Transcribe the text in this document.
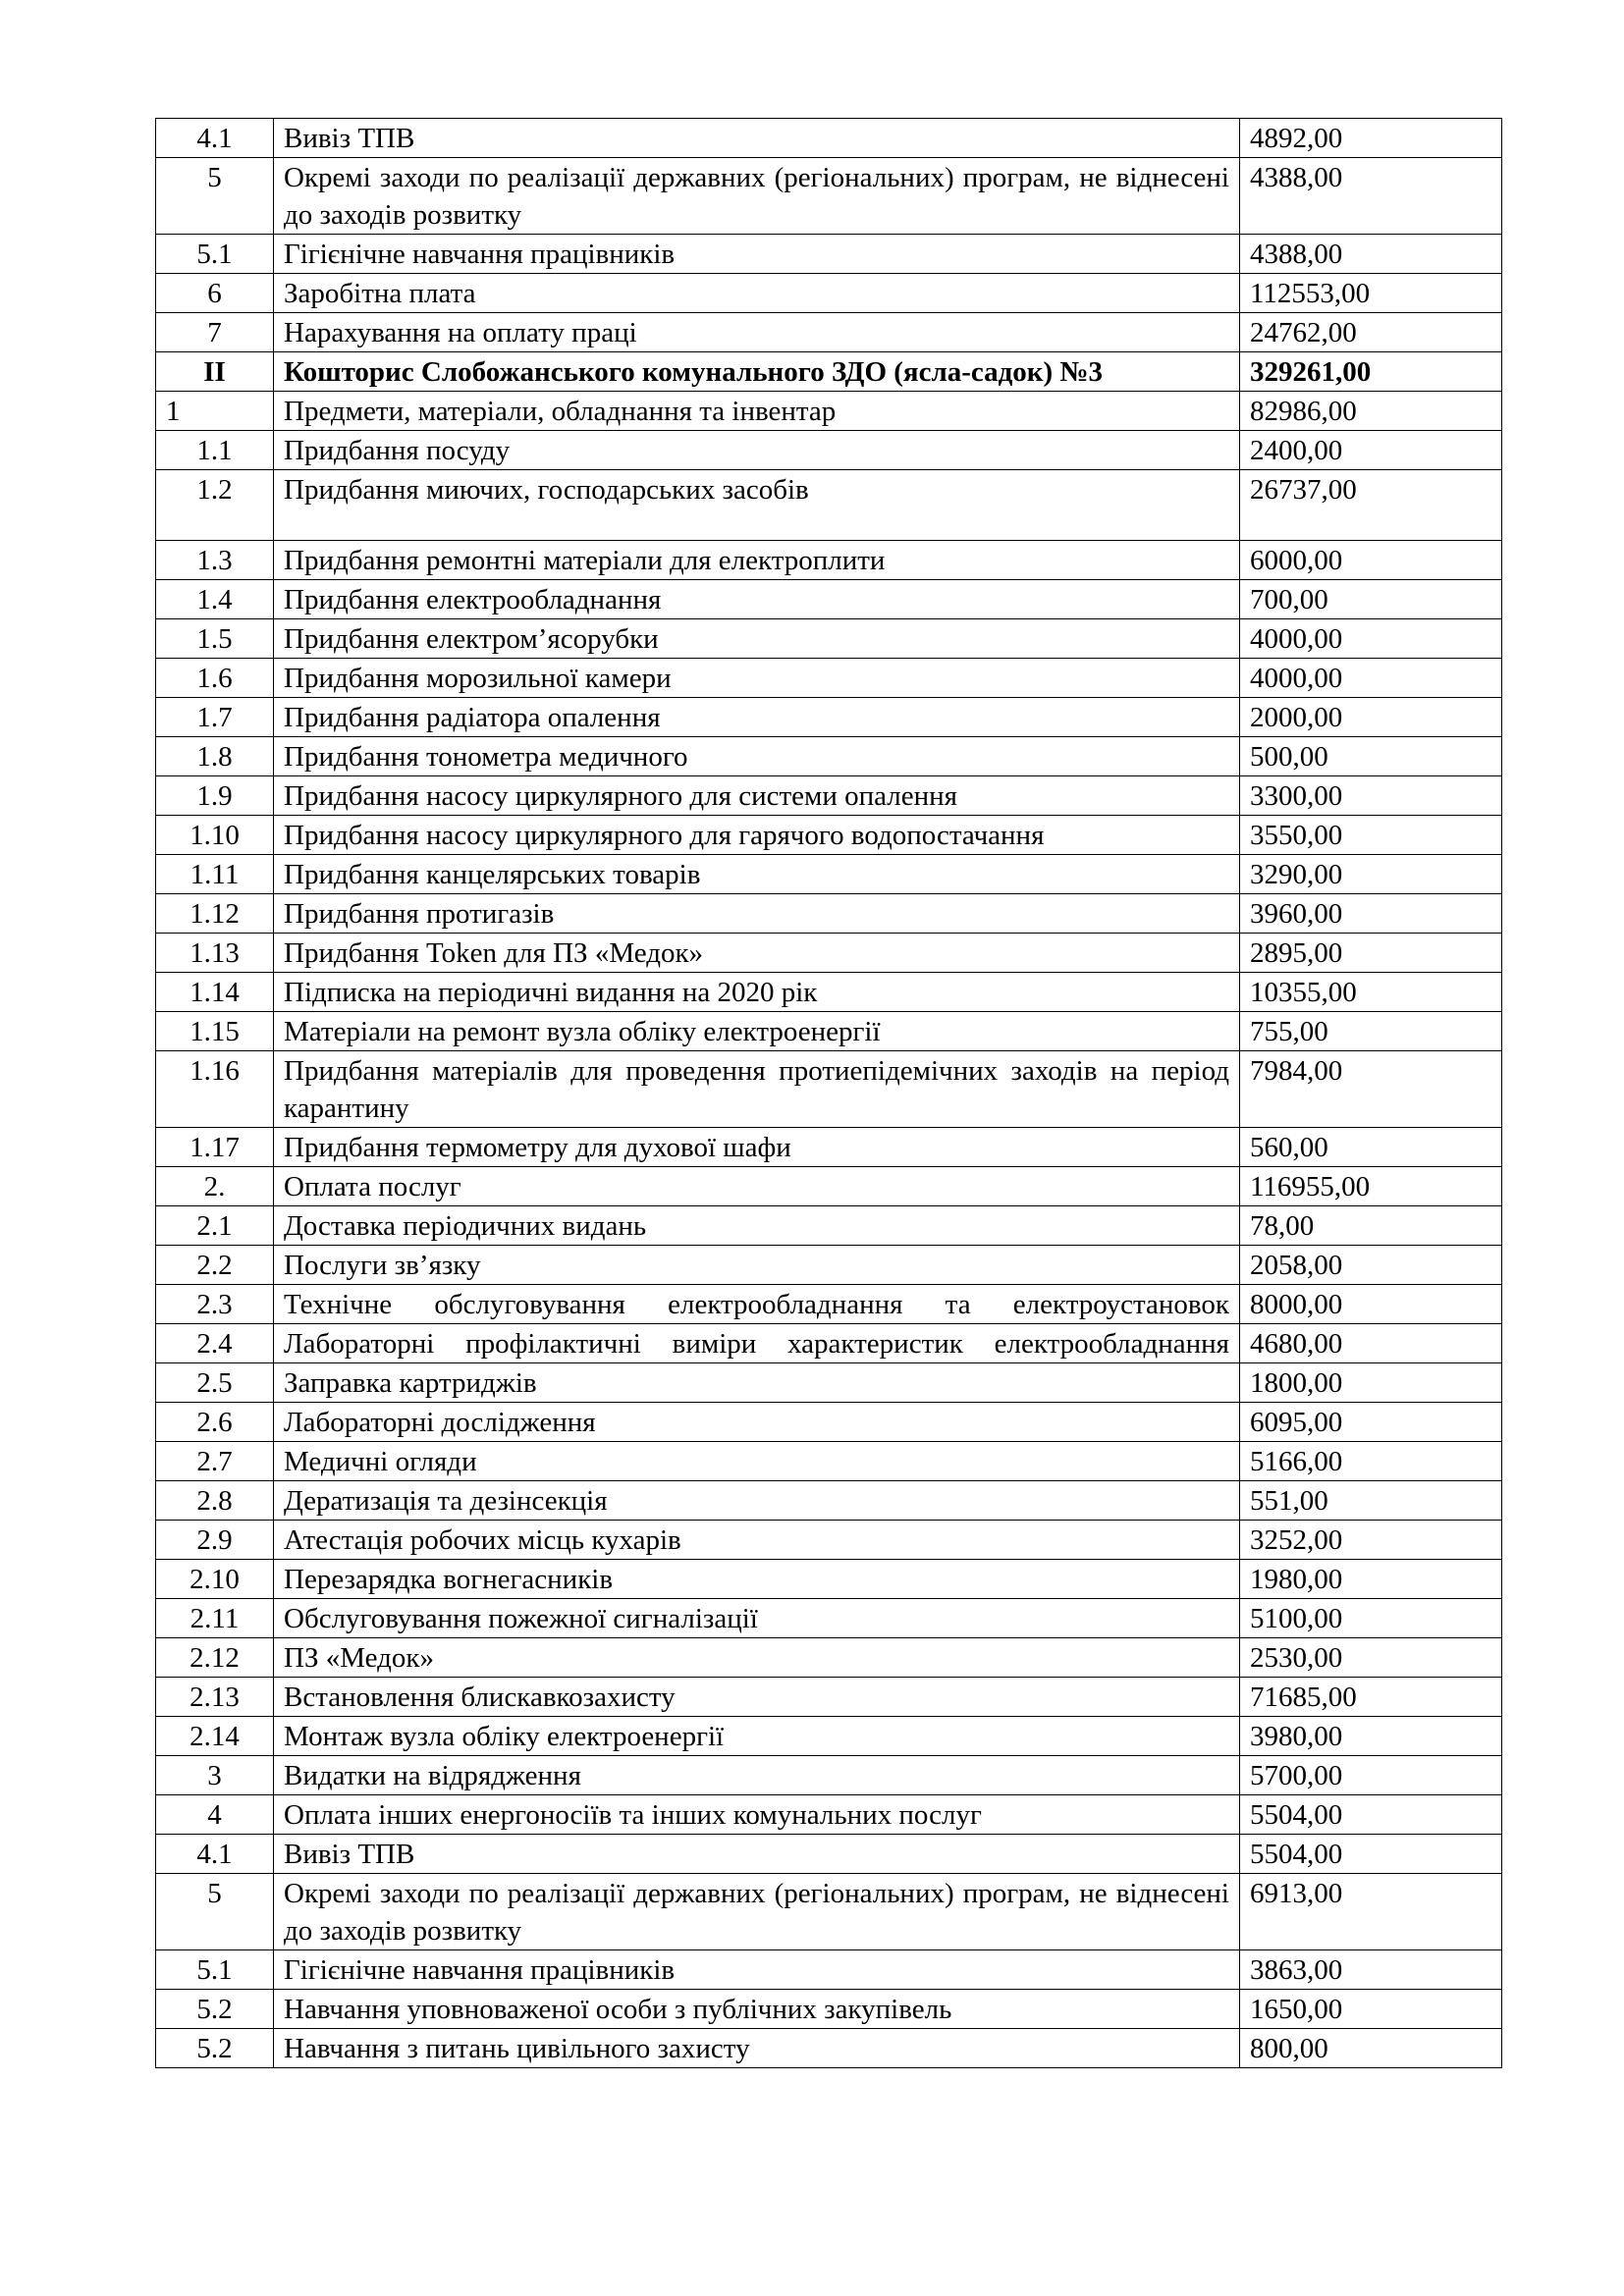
4.1	Вивіз ТПВ	4892,00
5	Окремі заходи по реалізації державних (регіональних) програм, не віднесені до заходів розвитку	4388,00
5.1	Гігієнічне навчання працівників	4388,00
6	Заробітна плата	112553,00
7	Нарахування на оплату праці	24762,00
II	Кошторис Слобожанського комунального ЗДО (ясла-садок) №3	329261,00
1	Предмети, матеріали, обладнання та інвентар	82986,00
1.1	Придбання посуду	2400,00
1.2	Придбання миючих, господарських засобів	26737,00
1.3	Придбання ремонтні матеріали для електроплити	6000,00
1.4	Придбання електрообладнання	700,00
1.5	Придбання електром’ясорубки	4000,00
1.6	Придбання морозильної камери	4000,00
1.7	Придбання радіатора опалення	2000,00
1.8	Придбання тонометра медичного	500,00
1.9	Придбання насосу циркулярного для системи опалення	3300,00
1.10	Придбання насосу циркулярного для гарячого водопостачання	3550,00
1.11	Придбання канцелярських товарів	3290,00
1.12	Придбання протигазів	3960,00
1.13	Придбання Token для ПЗ «Медок»	2895,00
1.14	Підписка на періодичні видання на 2020 рік	10355,00
1.15	Матеріали на ремонт вузла обліку електроенергії	755,00
1.16	Придбання матеріалів для проведення протиепідемічних заходів на період карантину	7984,00
1.17	Придбання термометру для духової шафи	560,00
2.	Оплата послуг	116955,00
2.1	Доставка періодичних видань	78,00
2.2	Послуги зв’язку	2058,00
2.3	Технічне обслуговування електрообладнання та електроустановок	8000,00
2.4	Лабораторні профілактичні виміри характеристик електрообладнання	4680,00
2.5	Заправка картриджів	1800,00
2.6	Лабораторні дослідження	6095,00
2.7	Медичні огляди	5166,00
2.8	Дератизація та дезінсекція	551,00
2.9	Атестація робочих місць кухарів	3252,00
2.10	Перезарядка вогнегасників	1980,00
2.11	Обслуговування пожежної сигналізації	5100,00
2.12	ПЗ «Медок»	2530,00
2.13	Встановлення блискавкозахисту	71685,00
2.14	Монтаж вузла обліку електроенергії	3980,00
3	Видатки на відрядження	5700,00
4	Оплата інших енергоносіїв та інших комунальних послуг	5504,00
4.1	Вивіз ТПВ	5504,00
5	Окремі заходи по реалізації державних (регіональних) програм, не віднесені до заходів розвитку	6913,00
5.1	Гігієнічне навчання працівників	3863,00
5.2	Навчання уповноваженої особи з публічних закупівель	1650,00
5.2	Навчання з питань цивільного захисту	800,00
